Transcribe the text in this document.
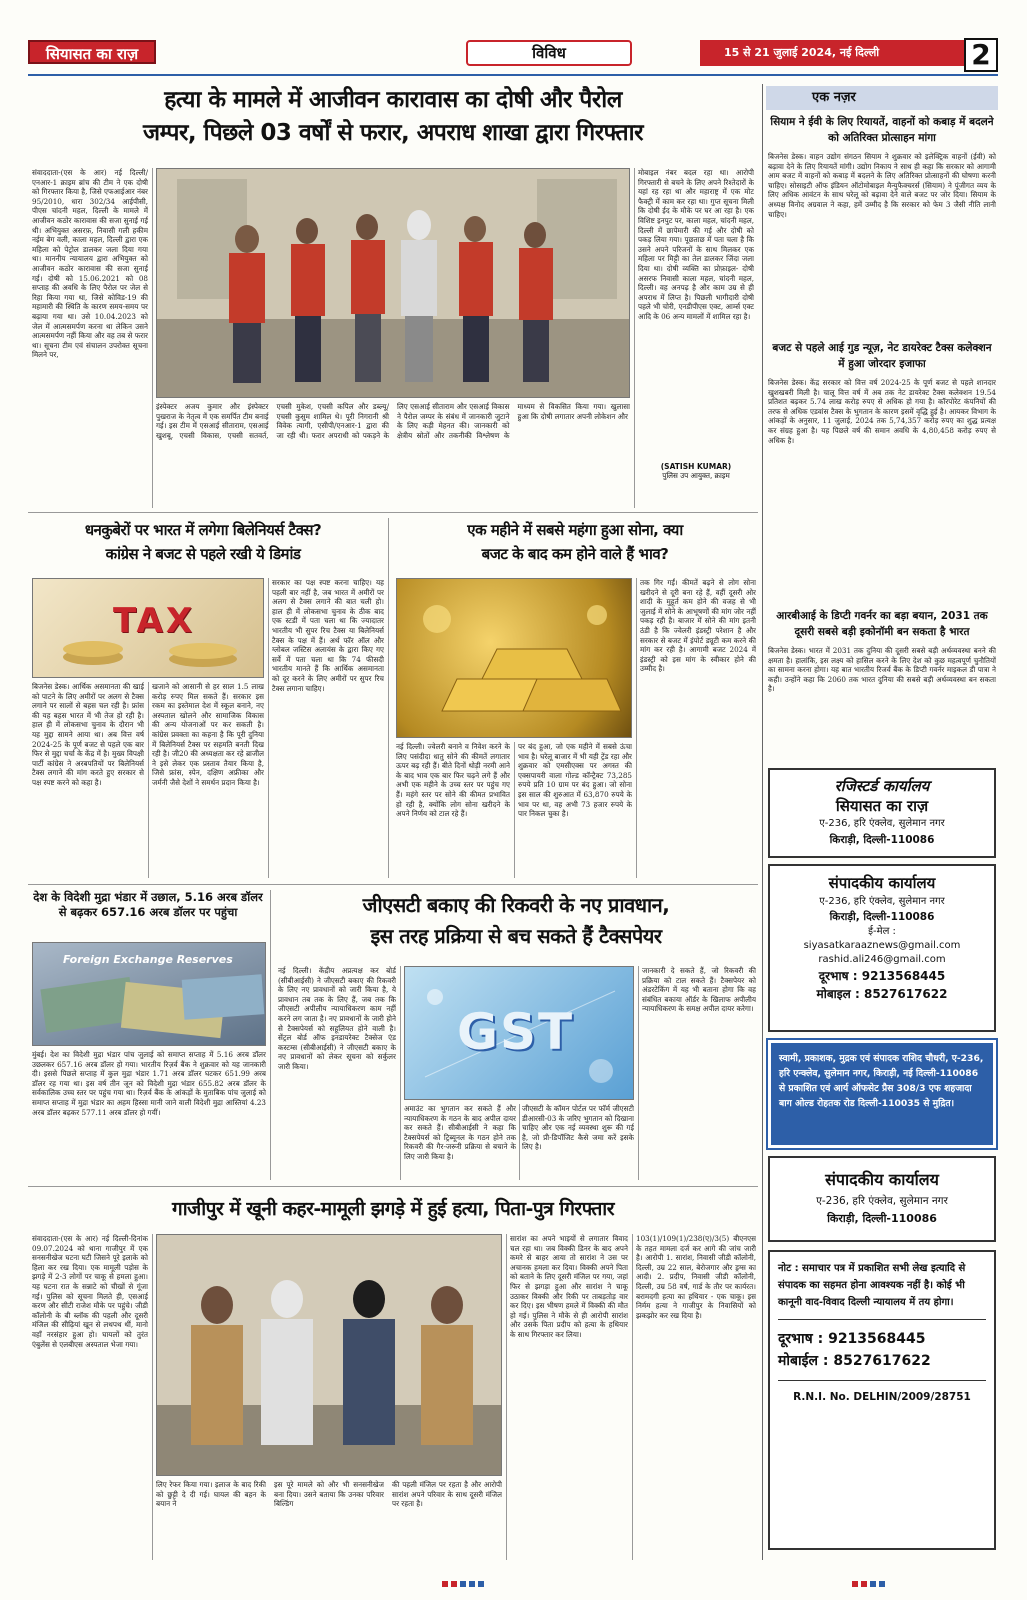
सियासत का राज़	विविध	15 से 21 जुलाई 2024, नई दिल्ली	2
हत्या के मामले में आजीवन कारावास का दोषी और पैरोल
जम्पर, पिछले 03 वर्षों से फरार, अपराध शाखा द्वारा गिरफ्तार
संवाददाता-(एस के आर) नई दिल्ली/एनआर-1 क्राइम ब्रांच की टीम ने एक दोषी को गिरफ्तार किया है, जिसे एफआईआर नंबर 95/2010, धारा 302/34 आईपीसी, पीएस चांदनी महल, दिल्ली के मामले में आजीवन कठोर कारावास की सजा सुनाई गई थी। अभियुक्त असरफ़, निवासी गली हकीम नईम बेग वली, काला महल, दिल्ली द्वारा एक महिला को पेट्रोल डालकर जला दिया गया था। माननीय न्यायालय द्वारा अभियुक्त को आजीवन कठोर कारावास की सजा सुनाई गई। दोषी को 15.06.2021 को 08 सप्ताह की अवधि के लिए पैरोल पर जेल से रिहा किया गया था, जिसे कोविड-19 की महामारी की स्थिति के कारण समय-समय पर बढ़ाया गया था। उसे 10.04.2023 को जेल में आत्मसमर्पण करना था लेकिन उसने आत्मसमर्पण नहीं किया और वह तब से फरार था। सूचना टीम एवं संचालन उपरोक्त सूचना मिलने पर,
इंस्पेक्टर अजय कुमार और इंस्पेक्टर पुखराज के नेतृत्व में एक समर्पित टीम बनाई गई। इस टीम में एसआई सीताराम, एसआई खुशबू, एचसी विकास, एचसी सतवर्त, एचसी मुकेश, एचसी कपिल और डब्ल्यू/एचसी कुसुम शामिल थे। पूरी निगरानी श्री विवेक त्यागी, एसीपी/एनआर-1 द्वारा की जा रही थी। फरार अपराधी को पकड़ने के लिए एसआई सीताराम और एसआई विकास ने पैरोल जम्पर के संबंध में जानकारी जुटाने के लिए कड़ी मेहनत की। जानकारी को क्षेत्रीय स्रोतों और तकनीकी विश्लेषण के माध्यम से विकसित किया गया। खुलासा हुआ कि दोषी लगातार अपनी लोकेशन और
मोबाइल नंबर बदल रहा था। आरोपी गिरफ्तारी से बचने के लिए अपने रिश्तेदारों के यहां रह रहा था और महाराष्ट्र में एक मोट फैक्ट्री में काम कर रहा था। गुप्त सूचना मिली कि दोषी ईद के मौके पर घर आ रहा है। एक विशिष्ट इनपुट पर, काला महल, चांदनी महल, दिल्ली में छापेमारी की गई और दोषी को पकड़ लिया गया। पूछताछ में पता चला है कि उसने अपने परिजनों के साथ मिलकर एक महिला पर मिट्टी का तेल डालकर जिंदा जला दिया था। दोषी व्यक्ति का प्रोफ़ाइल- दोषी असरफ निवासी काला महल, चांदनी महल, दिल्ली। वह अनपढ़ है और काम उम्र से ही अपराध में लिप्त है। पिछली भागीदारी दोषी पहले भी चोरी, एनडीपीएस एक्ट, आर्म्स एक्ट आदि के 06 अन्य मामलों में शामिल रहा है।
(SATISH KUMAR)
पुलिस उप आयुक्त, क्राइम
धनकुबेरों पर भारत में लगेगा बिलेनियर्स टैक्स?
कांग्रेस ने बजट से पहले रखी ये डिमांड
TAX
बिजनेस डेस्क। आर्थिक असमानता की खाई को पाटने के लिए अमीरों पर अलग से टैक्स लगाने पर सालों से बहस चल रही है। फ्रांस की यह बहस भारत में भी तेज हो रही है। हाल ही में लोकसभा चुनाव के दौरान भी यह मुद्दा सामने आया था। अब वित्त वर्ष 2024-25 के पूर्ण बजट से पहले एक बार फिर से मुद्दा चर्चा के केंद्र में है। मुख्य विपक्षी पार्टी कांग्रेस ने अरबपतियों पर बिलेनियर्स टैक्स लगाने की मांग करते हुए सरकार से पक्ष स्पष्ट करने को कहा है।
खजाने को आसानी से हर साल 1.5 लाख करोड़ रुपए मिल सकते हैं। सरकार इस रकम का इस्तेमाल देश में स्कूल बनाने, नए अस्पताल खोलने और सामाजिक विकास की अन्य योजनाओं पर कर सकती है। कांग्रेस प्रवक्ता का कहना है कि पूरी दुनिया में बिलेनियर्स टैक्स पर सहमति बनती दिख रही है। जी20 की अध्यक्षता कर रहे ब्राजील ने इसे लेकर एक प्रस्ताव तैयार किया है, जिसे फ्रांस, स्पेन, दक्षिण अफ्रीका और जर्मनी जैसे देशों ने समर्थन प्रदान किया है।
सरकार का पक्ष स्पष्ट करना चाहिए। यह पहली बार नहीं है, जब भारत में अमीरों पर अलग से टैक्स लगाने की बात चली हो। हाल ही में लोकसभा चुनाव के ठीक बाद एक स्टडी में पता चला था कि ज्यादातर भारतीय भी सुपर रिच टैक्स या बिलेनियर्स टैक्स के पक्ष में हैं। अर्थ फॉर ऑल और ग्लोबल जस्टिस अलायंस के द्वारा किए गए सर्वे में पता चला था कि 74 फीसदी भारतीय मानते हैं कि आर्थिक असमानता को दूर करने के लिए अमीरों पर सुपर रिच टैक्स लगाना चाहिए।
एक महीने में सबसे महंगा हुआ सोना, क्या
बजट के बाद कम होने वाले हैं भाव?
नई दिल्ली। ज्वेलरी बनाने व निवेश करने के लिए पसंदीदा धातु सोने की कीमतें लगातार ऊपर बढ़ रही हैं। बीते दिनों थोड़ी नरमी आने के बाद भाव एक बार फिर चढ़ने लगे हैं और अभी एक महीने के उच्च स्तर पर पहुंच गए हैं। महंगे स्तर पर सोने की कीमत प्रभावित हो रही है, क्योंकि लोग सोना खरीदने के अपने निर्णय को टाल रहे हैं।
पर बंद हुआ, जो एक महीने में सबसे ऊंचा भाव है। घरेलू बाजार में भी यही ट्रेंड रहा और शुक्रवार को एमसीएक्स पर अगस्त की एक्सपायरी वाला गोल्ड कॉन्ट्रैक्ट 73,285 रुपये प्रति 10 ग्राम पर बंद हुआ। जो सोना इस साल की शुरुआत में 63,870 रुपये के भाव पर था, वह अभी 73 हजार रुपये के पार निकल चुका है।
तक गिर गईं। कीमतें बढ़ने से लोग सोना खरीदने से दूरी बना रहे हैं, वहीं दूसरी ओर शादी के मुहूर्त कम होने की वजह से भी जुलाई में सोने के आभूषणों की मांग जोर नहीं पकड़ रही है। बाजार में सोने की मांग इतनी ठंडी है कि ज्वेलरी इंडस्ट्री परेशान है और सरकार से बजट में इंपोर्ट ड्यूटी कम करने की मांग कर रही है। आगामी बजट 2024 में इंडस्ट्री को इस मांग के स्वीकार होने की उम्मीद है।
देश के विदेशी मुद्रा भंडार में उछाल, 5.16 अरब डॉलर से बढ़कर 657.16 अरब डॉलर पर पहुंचा
Foreign Exchange Reserves
मुंबई। देश का विदेशी मुद्रा भंडार पांच जुलाई को समाप्त सप्ताह में 5.16 अरब डॉलर उछलकर 657.16 अरब डॉलर हो गया। भारतीय रिज़र्व बैंक ने शुक्रवार को यह जानकारी दी। इससे पिछले सप्ताह में कुल मुद्रा भंडार 1.71 अरब डॉलर घटकर 651.99 अरब डॉलर रह गया था। इस वर्ष तीन जून को विदेशी मुद्रा भंडार 655.82 अरब डॉलर के सर्वकालिक उच्च स्तर पर पहुंच गया था। रिज़र्व बैंक के आंकड़ों के मुताबिक पांच जुलाई को समाप्त सप्ताह में मुद्रा भंडार का अहम हिस्सा मानी जाने वाली विदेशी मुद्रा आस्तियां 4.23 अरब डॉलर बढ़कर 577.11 अरब डॉलर हो गयीं।
जीएसटी बकाए की रिकवरी के नए प्रावधान,
इस तरह प्रक्रिया से बच सकते हैं टैक्सपेयर
नई दिल्ली। केंद्रीय अप्रत्यक्ष कर बोर्ड (सीबीआईसी) ने जीएसटी बकाए की रिकवरी के लिए नए प्रावधानों को जारी किया है, ये प्रावधान तब तक के लिए हैं, जब तक कि जीएसटी अपीलीय न्यायाधिकरण काम नहीं करने लग जाता है। नए प्रावधानों के जारी होने से टैक्सपेयर्स को सहूलियत होने वाली है। सेंट्रल बोर्ड ऑफ इनडायरेक्ट टैक्सेज एंड कस्टम्स (सीबीआईसी) ने जीएसटी बकाए के नए प्रावधानों को लेकर सूचना को सर्कुलर जारी किया।
GST
अमाउंट का भुगतान कर सकते हैं और न्यायाधिकरण के गठन के बाद अपील दायर कर सकते हैं। सीबीआईसी ने कहा कि टैक्सपेयर्स को ट्रिब्यूनल के गठन होने तक रिकवरी की गैर-जरूरी प्रक्रिया से बचाने के लिए जारी किया है।
जीएसटी के कॉमन पोर्टल पर फॉर्म जीएसटी डीआरसी-03 के जरिए भुगतान को दिखाना चाहिए और एक नई व्यवस्था शुरू की गई है, जो प्री-डिपॉजिट कैसे जमा करें इसके लिए है।
जानकारी दे सकते हैं, जो रिकवरी की प्रक्रिया को टाल सकते हैं। टैक्सपेयर को अंडरटेकिंग में यह भी बताना होगा कि वह संबंधित बकाया ऑर्डर के खिलाफ अपीलीय न्यायाधिकरण के समक्ष अपील दायर करेगा।
गाजीपुर में खूनी कहर-मामूली झगड़े में हुई हत्या, पिता-पुत्र गिरफ्तार
संवाददाता-(एस के आर) नई दिल्ली-दिनांक 09.07.2024 को थाना गाजीपुर में एक सनसनीखेज घटना घटी जिसने पूरे इलाके को हिला कर रख दिया। एक मामूली पड़ोस के झगड़े में 2-3 लोगों पर चाकू से हमला हुआ। यह घटना रात के सन्नाटे को चीखों से गूंजा गई। पुलिस को सूचना मिलते ही, एसआई करण और सीटी राजेश मौके पर पहुंचे। जीडी कॉलोनी के बी ब्लॉक की पहली और दूसरी मंजिल की सीढ़ियां खून से लथपथ थीं, मानो वहाँ नरसंहार हुआ हो। घायलों को तुरंत एंबुलेंस से एलबीएस अस्पताल भेजा गया।
लिए रेफर किया गया। इलाज के बाद रिकी को छुट्टी दे दी गई। घायल की बहन के बयान ने
इस पूरे मामले को और भी सनसनीखेज बना दिया। उसने बताया कि उनका परिवार बिल्डिंग
की पहली मंजिल पर रहता है और आरोपी सारांश अपने परिवार के साथ दूसरी मंजिल पर रहता है।
सारांश का अपने भाइयों से लगातार विवाद चल रहा था। जब विक्की डिनर के बाद अपने कमरे से बाहर आया तो सारांश ने उस पर अचानक हमला कर दिया। विक्की अपने पिता को बताने के लिए दूसरी मंजिल पर गया, जहां फिर से झगड़ा हुआ और सारांश ने चाकू उठाकर विक्की और रिकी पर ताबड़तोड़ वार कर दिए। इस भीषण हमले में विक्की की मौत हो गई। पुलिस ने मौके से ही आरोपी सारांश और उसके पिता प्रदीप को हत्या के हथियार के साथ गिरफ्तार कर लिया।
103(1)/109(1)/238(ए)/3(5) बीएनएस के तहत मामला दर्ज कर आगे की जांच जारी है। आरोपी 1. सारांश, निवासी जीडी कॉलोनी, दिल्ली, उम्र 22 साल, बेरोजगार और ड्रग्स का आदी। 2. प्रदीप, निवासी जीडी कॉलोनी, दिल्ली, उम्र 58 वर्ष, गार्ड के तौर पर कार्यरत। बरामदगी हत्या का हथियार - एक चाकू। इस निर्मम हत्या ने गाजीपुर के निवासियों को झकझोर कर रख दिया है।
एक नज़र
सियाम ने ईवी के लिए रियायतें, वाहनों को कबाड़ में बदलने को अतिरिक्त प्रोत्साहन मांगा
बिजनेस डेस्क। वाहन उद्योग संगठन सियाम ने शुक्रवार को इलेक्ट्रिक वाहनों (ईवी) को बढ़ावा देने के लिए रियायतें मांगी। उद्योग निकाय ने साथ ही कहा कि सरकार को आगामी आम बजट में वाहनों को कबाड़ में बदलने के लिए अतिरिक्त प्रोत्साहनों की घोषणा करनी चाहिए। सोसाइटी ऑफ इंडियन ऑटोमोबाइल मैन्युफैक्चरर्स (सियाम) ने पूंजीगत व्यय के लिए अधिक आवंटन के साथ घरेलू को बढ़ावा देने वाले बजट पर जोर दिया। सियाम के अध्यक्ष विनोद अग्रवाल ने कहा, हमें उम्मीद है कि सरकार को फेम 3 जैसी नीति लानी चाहिए।
बजट से पहले आई गुड न्यूज़, नेट डायरेक्ट टैक्स कलेक्शन में हुआ जोरदार इजाफा
बिजनेस डेस्क। केंद्र सरकार को वित्त वर्ष 2024-25 के पूर्ण बजट से पहले शानदार खुशखबरी मिली है। चालू वित्त वर्ष में अब तक नेट डायरेक्ट टैक्स कलेक्शन 19.54 प्रतिशत बढ़कर 5.74 लाख करोड़ रुपए से अधिक हो गया है। कॉरपोरेट कंपनियों की तरफ से अधिक एडवांस टैक्स के भुगतान के कारण इसमें वृद्धि हुई है। आयकर विभाग के आंकड़ों के अनुसार, 11 जुलाई, 2024 तक 5,74,357 करोड़ रुपए का शुद्ध प्रत्यक्ष कर संग्रह हुआ है। यह पिछले वर्ष की समान अवधि के 4,80,458 करोड़ रुपए से अधिक है।
आरबीआई के डिप्टी गवर्नर का बड़ा बयान, 2031 तक दूसरी सबसे बड़ी इकोनॉमी बन सकता है भारत
बिजनेस डेस्क। भारत में 2031 तक दुनिया की दूसरी सबसे बड़ी अर्थव्यवस्था बनने की क्षमता है। हालांकि, इस लक्ष्य को हासिल करने के लिए देश को कुछ महत्वपूर्ण चुनौतियों का सामना करना होगा। यह बात भारतीय रिजर्व बैंक के डिप्टी गवर्नर माइकल डी पात्रा ने कही। उन्होंने कहा कि 2060 तक भारत दुनिया की सबसे बड़ी अर्थव्यवस्था बन सकता है।
रजिस्टर्ड कार्यालय
सियासत का राज़
ए-236, हरि एंक्लेव, सुलेमान नगर
किराड़ी, दिल्ली-110086
संपादकीय कार्यालय
ए-236, हरि एंक्लेव, सुलेमान नगर
किराड़ी, दिल्ली-110086
ई-मेल :
siyasatkaraaznews@gmail.com
rashid.ali246@gmail.com
दूरभाष : 9213568445
मोबाइल : 8527617622
स्वामी, प्रकाशक, मुद्रक एवं संपादक राशिद चौधरी, ए-236, हरि एन्क्लेव, सुलेमान नगर, किराड़ी, नई दिल्ली-110086 से प्रकाशित एवं आर्य ऑफसेट प्रैस 308/3 एफ शहजादा बाग ओल्ड रोहतक रोड दिल्ली-110035 से मुद्रित।
संपादकीय कार्यालय
ए-236, हरि एंक्लेव, सुलेमान नगर
किराड़ी, दिल्ली-110086
नोट : समाचार पत्र में प्रकाशित सभी लेख इत्यादि से संपादक का सहमत होना आवश्यक नहीं है। कोई भी कानूनी वाद-विवाद दिल्ली न्यायालय में तय होगा।
दूरभाष : 9213568445
मोबाईल : 8527617622
R.N.I. No. DELHIN/2009/28751
